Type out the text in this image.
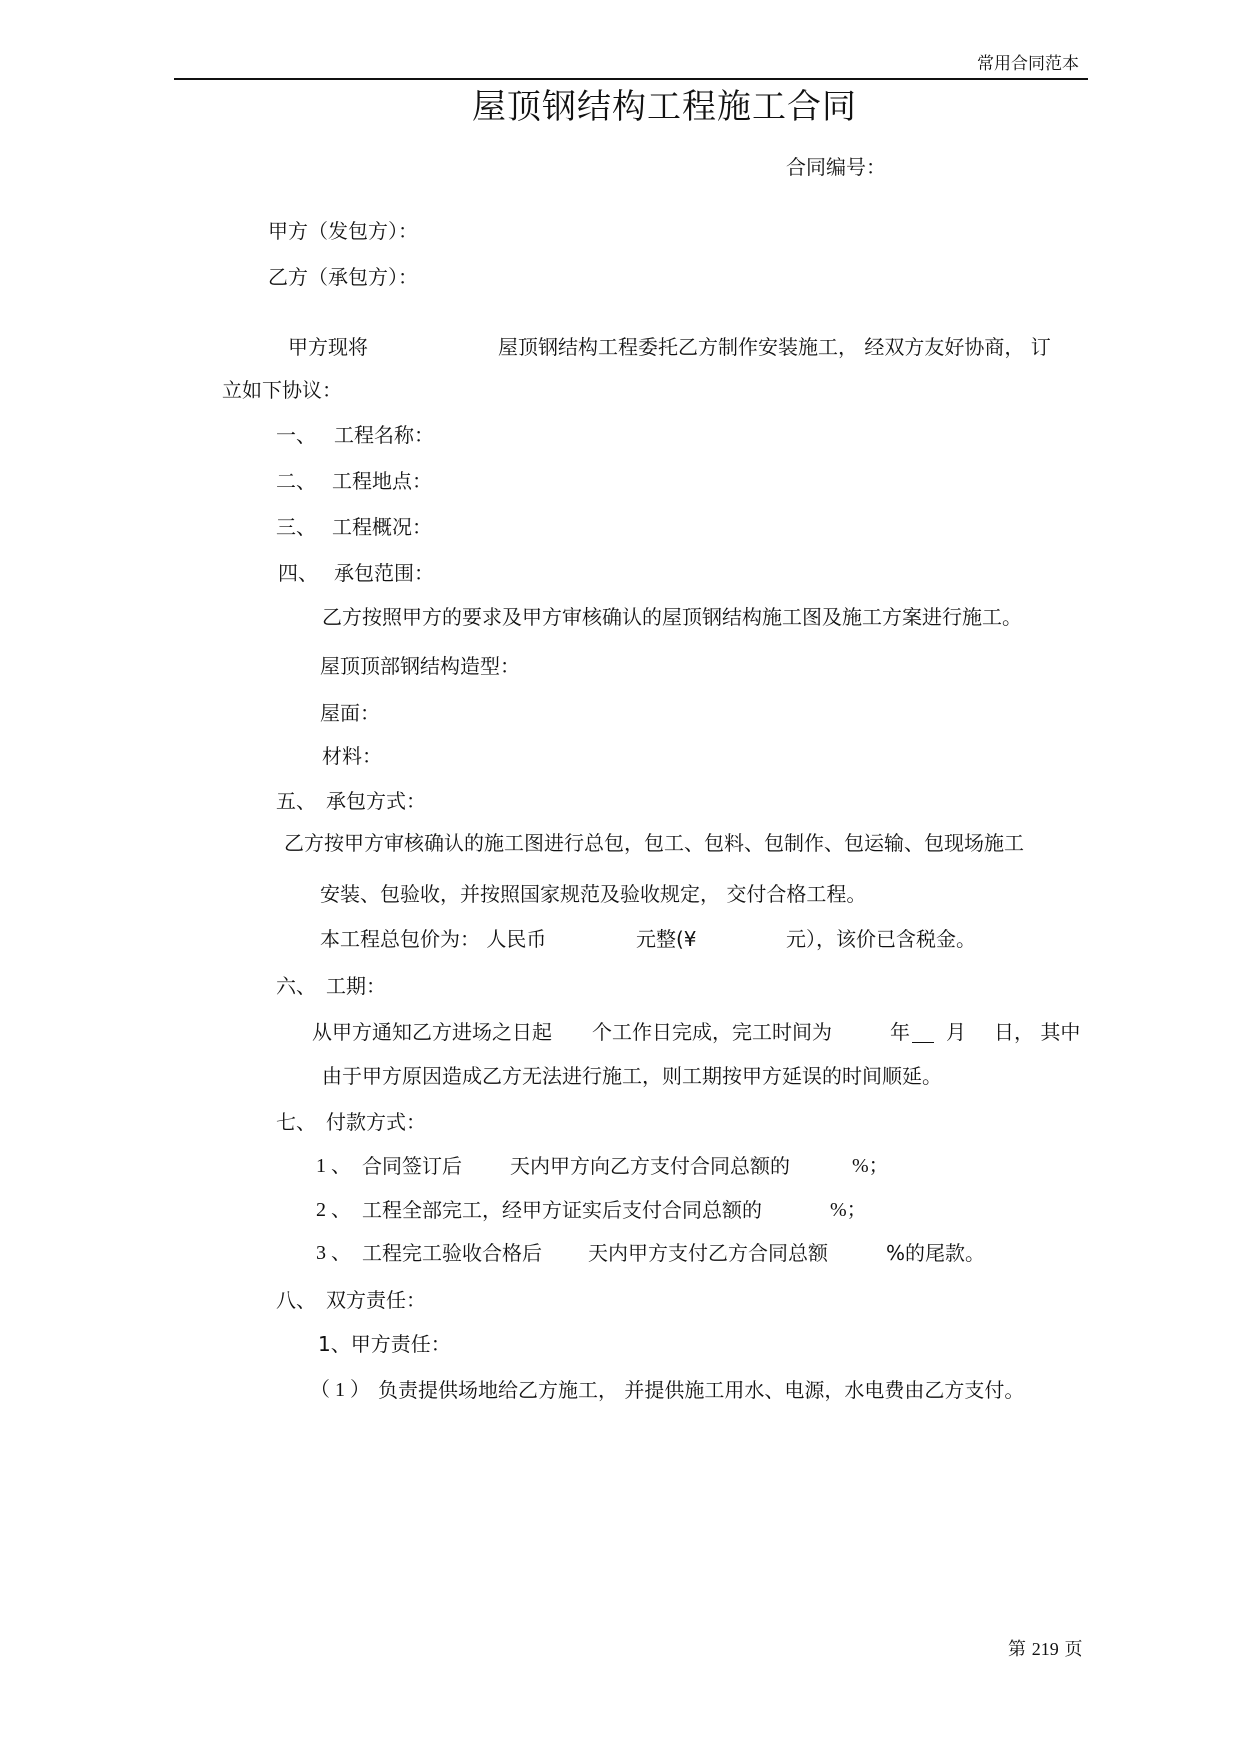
常用合同范本
屋顶钢结构工程施工合同
合同编号：
甲方（发包方）：
乙方（承包方）：
甲方现将	屋顶钢结构工程委托乙方制作安装施工， 经双方友好协商， 订
立如下协议：
一、 工程名称：
二、 工程地点：
三、 工程概况：
四、 承包范围：
乙方按照甲方的要求及甲方审核确认的屋顶钢结构施工图及施工方案进行施工。
屋顶顶部钢结构造型：
屋面：
材料：
五、 承包方式：
乙方按甲方审核确认的施工图进行总包，包工、包料、包制作、包运输、包现场施工
安装、包验收，并按照国家规范及验收规定， 交付合格工程。
本工程总包价为： 人民币	元整(¥	元），该价已含税金。
六、 工期：
从甲方通知乙方进场之日起 个工作日完成，完工时间为	年 月 日， 其中
由于甲方原因造成乙方无法进行施工，则工期按甲方延误的时间顺延。
七、 付款方式：
1 、 合同签订后 天内甲方向乙方支付合同总额的	%；
2 、 工程全部完工，经甲方证实后支付合同总额的	%；
3 、 工程完工验收合格后 天内甲方支付乙方合同总额	%的尾款。
八、 双方责任：
1、甲方责任：
（ 1 ） 负责提供场地给乙方施工， 并提供施工用水、电源，水电费由乙方支付。
第 219 页
